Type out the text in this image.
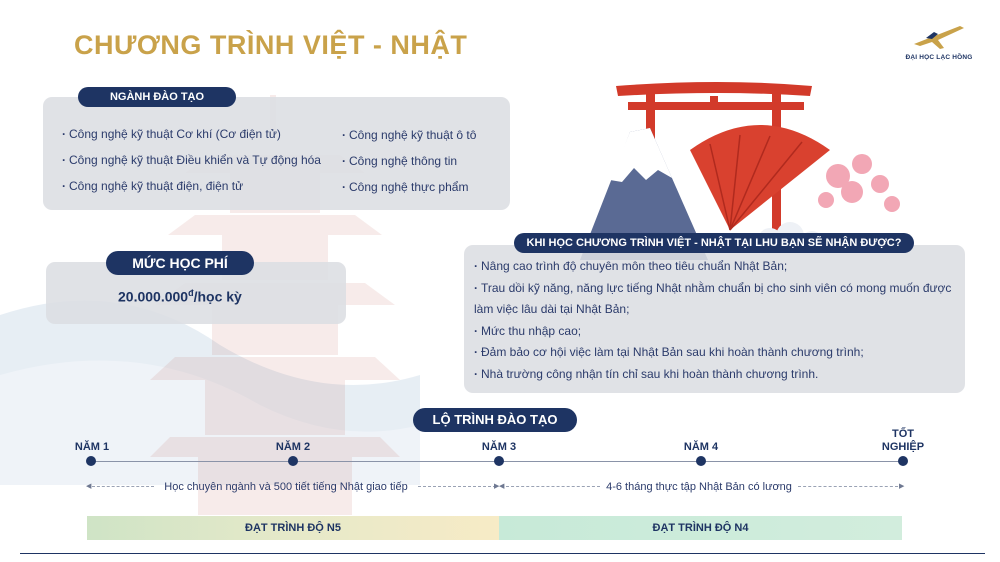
CHƯƠNG TRÌNH VIỆT - NHẬT	ĐẠI HỌC LẠC HỒNG
NGÀNH ĐÀO TẠO
· Công nghệ kỹ thuật Cơ khí (Cơ điện tử)
· Công nghệ kỹ thuật Điều khiển và Tự động hóa
· Công nghệ kỹ thuật điện, điện tử
· Công nghệ kỹ thuật ô tô
· Công nghệ thông tin
· Công nghệ thực phẩm
MỨC HỌC PHÍ
$20.000.000^đ$/học kỳ
KHI HỌC CHƯƠNG TRÌNH VIỆT - NHẬT TẠI LHU BẠN SẼ NHẬN ĐƯỢC?
· Nâng cao trình độ chuyên môn theo tiêu chuẩn Nhật Bản;
· Trau dồi kỹ năng, năng lực tiếng Nhật nhằm chuẩn bị cho sinh viên có mong muốn được làm việc lâu dài tại Nhật Bản;
· Mức thu nhập cao;
· Đảm bảo cơ hội việc làm tại Nhật Bản sau khi hoàn thành chương trình;
· Nhà trường công nhận tín chỉ sau khi hoàn thành chương trình.
LỘ TRÌNH ĐÀO TẠO
NĂM 1	NĂM 2	NĂM 3	NĂM 4
TỐT
NGHIỆP
◀	▶
Học chuyên ngành và 500 tiết tiếng Nhật giao tiếp	◀	▶
4-6 tháng thực tập Nhật Bản có lương
ĐẠT TRÌNH ĐỘ N5	ĐẠT TRÌNH ĐỘ N4
